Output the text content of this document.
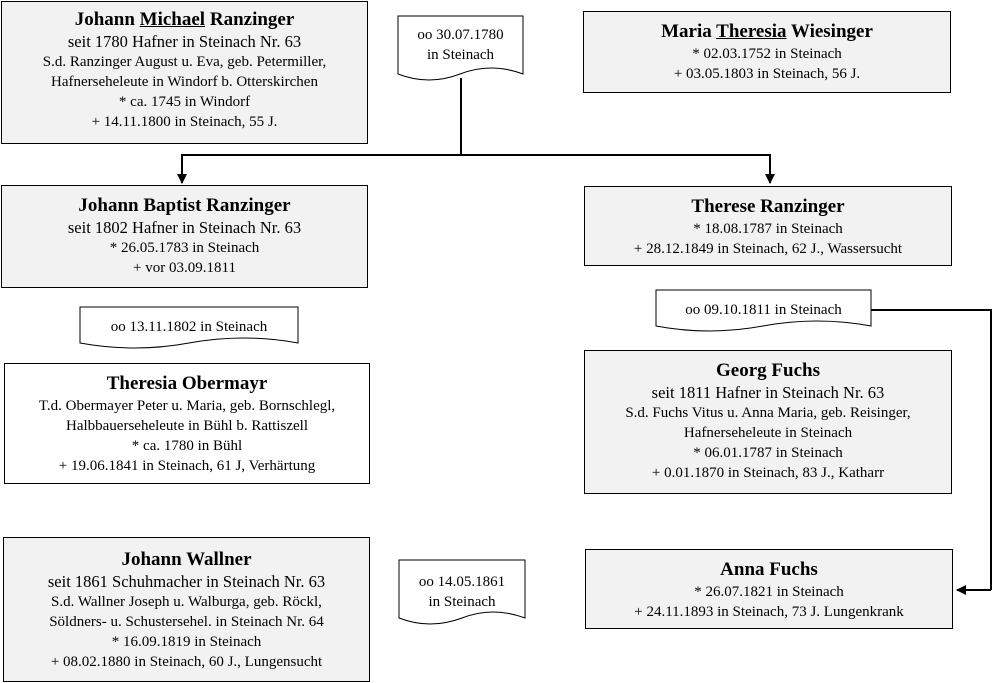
oo 30.07.1780
in Steinach
oo 13.11.1802 in Steinach
oo 09.10.1811 in Steinach
oo 14.05.1861
in Steinach
Johann Michael Ranzinger
seit 1780 Hafner in Steinach Nr. 63
S.d. Ranzinger August u. Eva, geb. Petermiller,
Hafnerseheleute in Windorf b. Otterskirchen
* ca. 1745 in Windorf
+ 14.11.1800 in Steinach, 55 J.
Maria Theresia Wiesinger
* 02.03.1752 in Steinach
+ 03.05.1803 in Steinach, 56 J.
Johann Baptist Ranzinger
seit 1802 Hafner in Steinach Nr. 63
* 26.05.1783 in Steinach
+ vor 03.09.1811
Therese Ranzinger
* 18.08.1787 in Steinach
+ 28.12.1849 in Steinach, 62 J., Wassersucht
Theresia Obermayr
T.d. Obermayer Peter u. Maria, geb. Bornschlegl,
Halbbauerseheleute in Bühl b. Rattiszell
* ca. 1780 in Bühl
+ 19.06.1841 in Steinach, 61 J, Verhärtung
Georg Fuchs
seit 1811 Hafner in Steinach Nr. 63
S.d. Fuchs Vitus u. Anna Maria, geb. Reisinger,
Hafnerseheleute in Steinach
* 06.01.1787 in Steinach
+ 0.01.1870 in Steinach, 83 J., Katharr
Johann Wallner
seit 1861 Schuhmacher in Steinach Nr. 63
S.d. Wallner Joseph u. Walburga, geb. Röckl,
Söldners- u. Schustersehel. in Steinach Nr. 64
* 16.09.1819 in Steinach
+ 08.02.1880 in Steinach, 60 J., Lungensucht
Anna Fuchs
* 26.07.1821 in Steinach
+ 24.11.1893 in Steinach, 73 J. Lungenkrank
